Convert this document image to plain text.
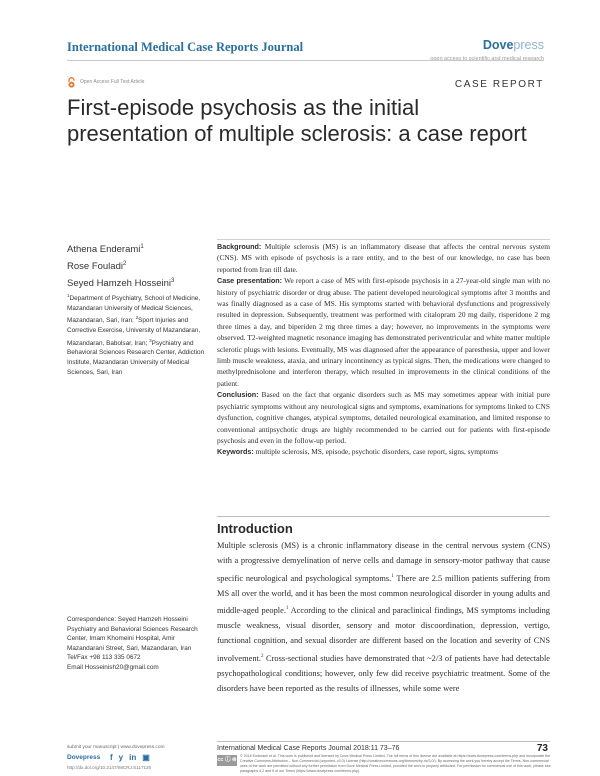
International Medical Case Reports Journal	Dovepress
open access to scientific and medical research
Open Access Full Text Article	CASE REPORT
First-episode psychosis as the initial presentation of multiple sclerosis: a case report
Athena Enderami$^1$
Rose Fouladi$^2$
Seyed Hamzeh Hosseini$^3$
$^1$Department of Psychiatry, School of Medicine, Mazandaran University of Medical Sciences, Mazandaran, Sari, Iran; $^2$Sport Injuries and Corrective Exercise, University of Mazandaran, Mazandaran, Babolsar, Iran; $^3$Psychiatry and Behavioral Sciences Research Center, Addiction Institute, Mazandaran University of Medical Sciences, Sari, Iran

Background: Multiple sclerosis (MS) is an inflammatory disease that affects the central nervous system (CNS). MS with episode of psychosis is a rare entity, and to the best of our knowledge, no case has been reported from Iran till date.

Case presentation: We report a case of MS with first-episode psychosis in a 27-year-old single man with no history of psychiatric disorder or drug abuse. The patient developed neurological symptoms after 3 months and was finally diagnosed as a case of MS. His symptoms started with behavioral dysfunctions and progressively resulted in depression. Subsequently, treatment was performed with citalopram 20 mg daily, risperidone 2 mg three times a day, and biperiden 2 mg three times a day; however, no improvements in the symptoms were observed. T2-weighted magnetic resonance imaging has demonstrated periventricular and white matter multiple sclerotic plugs with lesions. Eventually, MS was diagnosed after the appearance of paresthesia, upper and lower limb muscle weakness, ataxia, and urinary incontinency as typical signs. Then, the medications were changed to methylprednisolone and interferon therapy, which resulted in improvements in the clinical conditions of the patient.

Conclusion: Based on the fact that organic disorders such as MS may sometimes appear with initial pure psychiatric symptoms without any neurological signs and symptoms, examinations for symptoms linked to CNS dysfunction, cognitive changes, atypical symptoms, detailed neurological examination, and limited response to conventional antipsychotic drugs are highly recommended to be carried out for patients with first-episode psychosis and even in the follow-up period.

Keywords: multiple sclerosis, MS, episode, psychotic disorders, case report, signs, symptoms

Introduction
Multiple sclerosis (MS) is a chronic inflammatory disease in the central nervous system (CNS) with a progressive demyelination of nerve cells and damage in sensory-motor pathway that cause specific neurological and psychological symptoms.$^1$ There are 2.5 million patients suffering from MS all over the world, and it has been the most common neurological disorder in young adults and middle-aged people.$^1$ According to the clinical and paraclinical findings, MS symptoms including muscle weakness, visual disorder, sensory and motor discoordination, depression, vertigo, functional cognition, and sexual disorder are different based on the location and severity of CNS involvement.$^2$ Cross-sectional studies have demonstrated that ~2/3 of patients have had detectable psychopathological conditions; however, only few did receive psychiatric treatment. Some of the disorders have been reported as the results of illnesses, while some were
Correspondence: Seyed Hamzeh Hosseini
Psychiatry and Behavioral Sciences Research Center, Imam Khomeini Hospital, Amir Mazandarani Street, Sari, Mazandaran, Iran
Tel/Fax +98 113 335 0672
Email Hosseinish20@gmail.com
submit your manuscript | www.dovepress.com
Dovepress f y in ▣
http://dx.doi.org/10.2147/IMCRJ.S117120
International Medical Case Reports Journal 2018:11 73–76	73
cc ⓘ ⊜
© 2018 Enderami et al. This work is published and licensed by Dove Medical Press Limited. The full terms of this license are available at https://www.dovepress.com/terms.php and incorporate the Creative Commons Attribution – Non Commercial (unported, v3.0) License (http://creativecommons.org/licenses/by-nc/3.0/). By accessing the work you hereby accept the Terms. Non-commercial uses of the work are permitted without any further permission from Dove Medical Press Limited, provided the work is properly attributed. For permission for commercial use of this work, please see paragraphs 4.2 and 5 of our Terms (https://www.dovepress.com/terms.php).
